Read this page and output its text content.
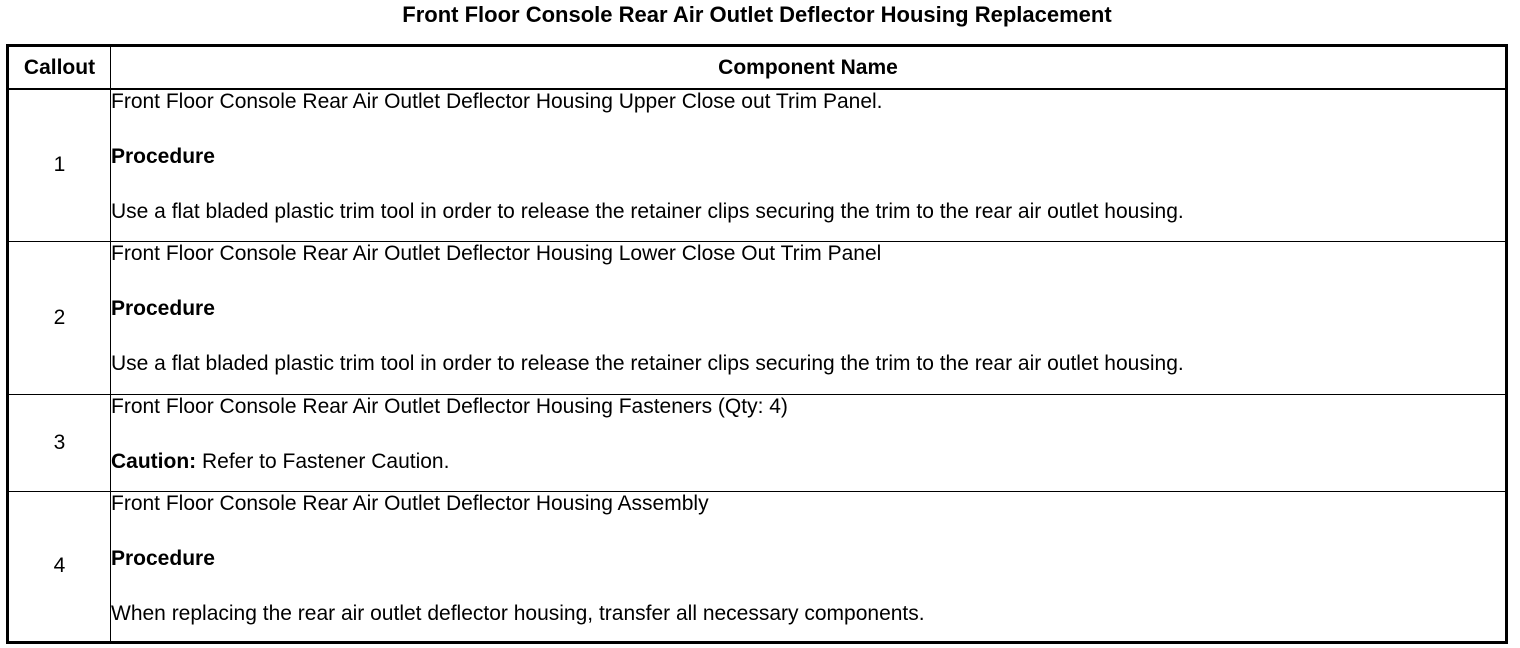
Front Floor Console Rear Air Outlet Deflector Housing Replacement
Callout	Component Name
1	Front Floor Console Rear Air Outlet Deflector Housing Upper Close out Trim Panel.

Procedure

Use a flat bladed plastic trim tool in order to release the retainer clips securing the trim to the rear air outlet housing.

2	Front Floor Console Rear Air Outlet Deflector Housing Lower Close Out Trim Panel

Procedure

Use a flat bladed plastic trim tool in order to release the retainer clips securing the trim to the rear air outlet housing.

3	Front Floor Console Rear Air Outlet Deflector Housing Fasteners (Qty: 4)

Caution: Refer to Fastener Caution.

4	Front Floor Console Rear Air Outlet Deflector Housing Assembly

Procedure

When replacing the rear air outlet deflector housing, transfer all necessary components.
